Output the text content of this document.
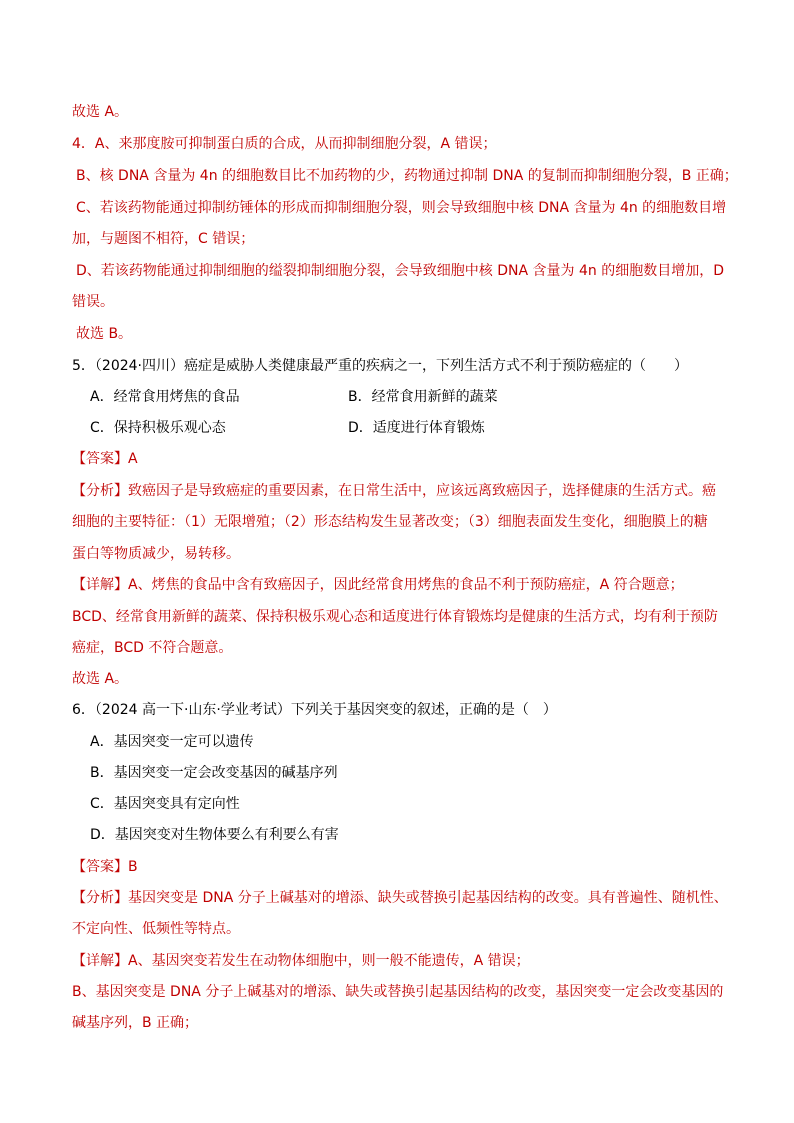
故选 A。
4．A、来那度胺可抑制蛋白质的合成，从而抑制细胞分裂，A 错误；
B、核 DNA 含量为 4n 的细胞数目比不加药物的少，药物通过抑制 DNA 的复制而抑制细胞分裂，B 正确；
C、若该药物能通过抑制纺锤体的形成而抑制细胞分裂，则会导致细胞中核 DNA 含量为 4n 的细胞数目增
加，与题图不相符，C 错误；
D、若该药物能通过抑制细胞的缢裂抑制细胞分裂，会导致细胞中核 DNA 含量为 4n 的细胞数目增加，D
错误。
故选 B。
5．（2024·四川）癌症是威胁人类健康最严重的疾病之一，下列生活方式不利于预防癌症的（　　）
A．经常食用烤焦的食品	B．经常食用新鲜的蔬菜
C．保持积极乐观心态	D．适度进行体育锻炼
【答案】A
【分析】致癌因子是导致癌症的重要因素，在日常生活中，应该远离致癌因子，选择健康的生活方式。癌
细胞的主要特征：（1）无限增殖；（2）形态结构发生显著改变；（3）细胞表面发生变化，细胞膜上的糖
蛋白等物质减少，易转移。
【详解】A、烤焦的食品中含有致癌因子，因此经常食用烤焦的食品不利于预防癌症，A 符合题意；
BCD、经常食用新鲜的蔬菜、保持积极乐观心态和适度进行体育锻炼均是健康的生活方式，均有利于预防
癌症，BCD 不符合题意。
故选 A。
6．（2024 高一下·山东·学业考试）下列关于基因突变的叙述，正确的是（　）
A．基因突变一定可以遗传
B．基因突变一定会改变基因的碱基序列
C．基因突变具有定向性
D．基因突变对生物体要么有利要么有害
【答案】B
【分析】基因突变是 DNA 分子上碱基对的增添、缺失或替换引起基因结构的改变。具有普遍性、随机性、
不定向性、低频性等特点。
【详解】A、基因突变若发生在动物体细胞中，则一般不能遗传，A 错误；
B、基因突变是 DNA 分子上碱基对的增添、缺失或替换引起基因结构的改变，基因突变一定会改变基因的
碱基序列，B 正确；
